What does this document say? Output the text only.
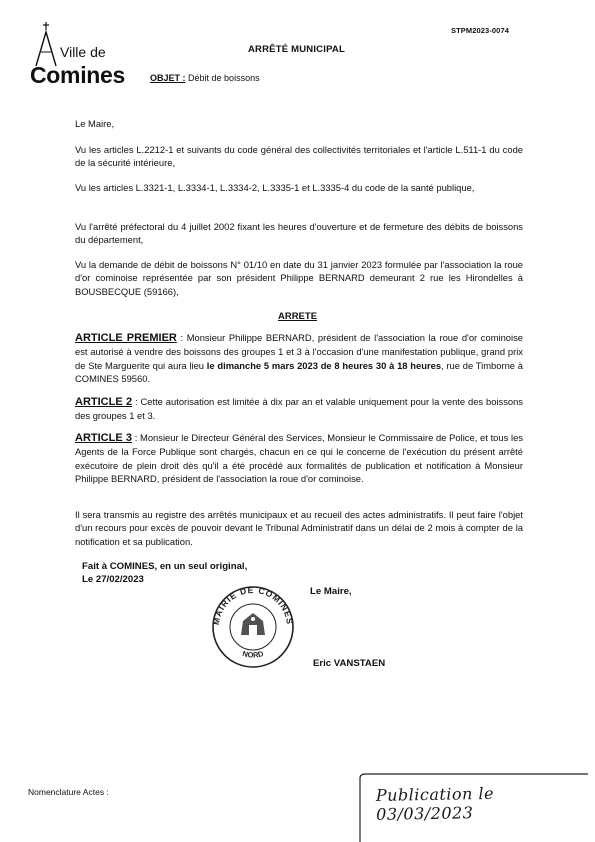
STPM2023-0074
Ville de
Comines
ARRÊTÉ MUNICIPAL
OBJET : Débit de boissons
Le Maire,
Vu les articles L.2212-1 et suivants du code général des collectivités territoriales et l'article L.511-1 du code de la sécurité intérieure,
Vu les articles L.3321-1, L.3334-1, L.3334-2, L.3335-1 et L.3335-4 du code de la santé publique,
Vu l'arrêté préfectoral du 4 juillet 2002 fixant les heures d'ouverture et de fermeture des débits de boissons du département,
Vu la demande de débit de boissons N° 01/10 en date du 31 janvier 2023 formulée par l'association la roue d'or cominoise représentée par son président Philippe BERNARD demeurant 2 rue les Hirondelles à BOUSBECQUE (59166),
ARRETE
ARTICLE PREMIER : Monsieur Philippe BERNARD, président de l'association la roue d'or cominoise est autorisé à vendre des boissons des groupes 1 et 3 à l'occasion d'une manifestation publique, grand prix de Ste Marguerite qui aura lieu le dimanche 5 mars 2023 de 8 heures 30 à 18 heures, rue de Timborne à COMINES 59560.
ARTICLE 2 : Cette autorisation est limitée à dix par an et valable uniquement pour la vente des boissons des groupes 1 et 3.
ARTICLE 3 : Monsieur le Directeur Général des Services, Monsieur le Commissaire de Police, et tous les Agents de la Force Publique sont chargés, chacun en ce qui le concerne de l'exécution du présent arrêté exécutoire de plein droit dès qu'il a été procédé aux formalités de publication et notification à Monsieur Philippe BERNARD, président de l'association la roue d'or cominoise.
Il sera transmis au registre des arrêtés municipaux et au recueil des actes administratifs. Il peut faire l'objet d'un recours pour excès de pouvoir devant le Tribunal Administratif dans un délai de 2 mois à compter de la notification et sa publication.
Fait à COMINES, en un seul original,
Le 27/02/2023
Le Maire,
MAIRIE DE COMINES
NORD
Eric VANSTAEN
Nomenclature Actes :	Publication le 03/03/2023
